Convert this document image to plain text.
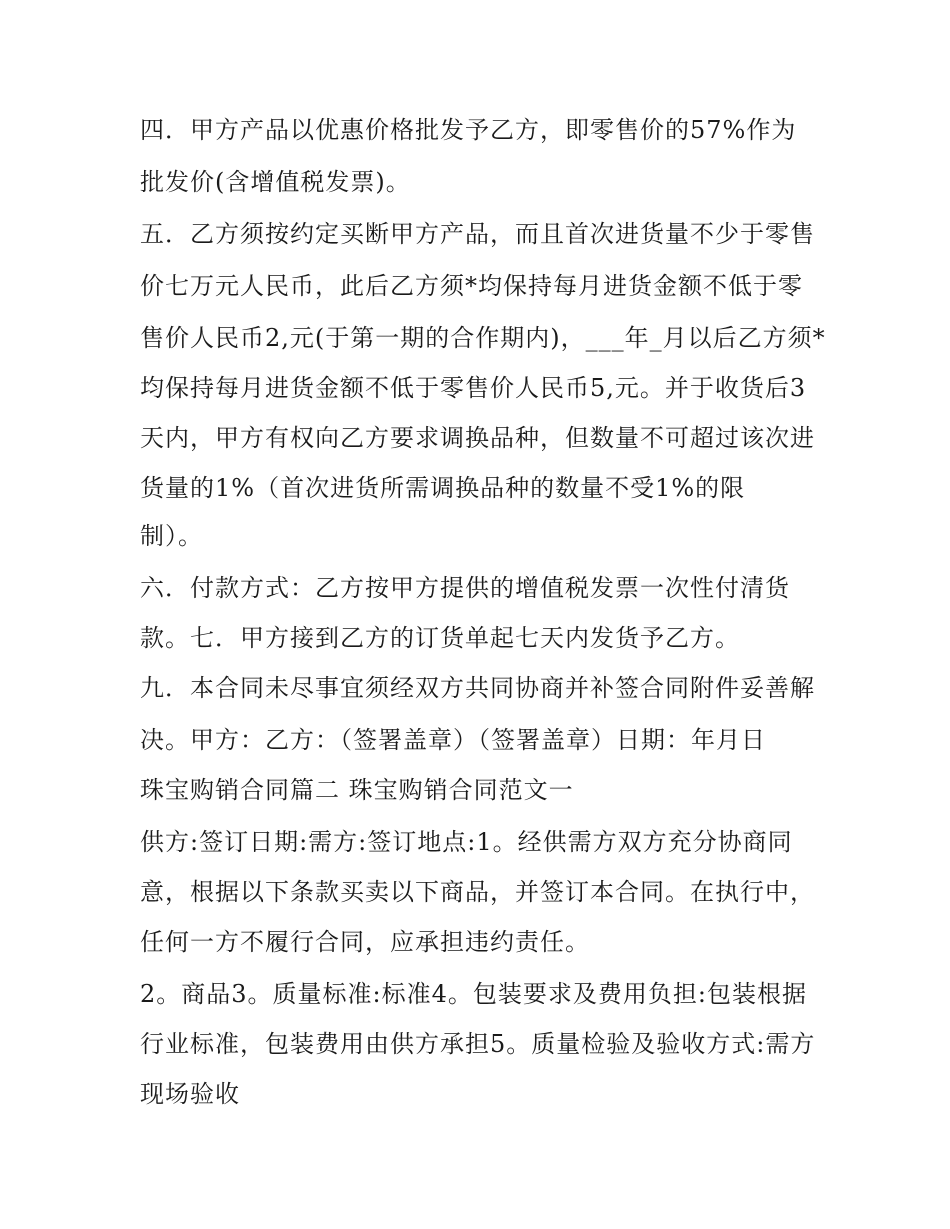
四．甲方产品以优惠价格批发予乙方，即零售价的57%作为
批发价(含增值税发票)。
五．乙方须按约定买断甲方产品，而且首次进货量不少于零售
价七万元人民币，此后乙方须*均保持每月进货金额不低于零
售价人民币2,元(于第一期的合作期内)，___年_月以后乙方须*
均保持每月进货金额不低于零售价人民币5,元。并于收货后3
天内，甲方有权向乙方要求调换品种，但数量不可超过该次进
货量的1%（首次进货所需调换品种的数量不受1%的限
制）。
六．付款方式：乙方按甲方提供的增值税发票一次性付清货
款。七．甲方接到乙方的订货单起七天内发货予乙方。
九．本合同未尽事宜须经双方共同协商并补签合同附件妥善解
决。甲方：乙方：（签署盖章）（签署盖章）日期：年月日
珠宝购销合同篇二 珠宝购销合同范文一
供方:签订日期:需方:签订地点:1。经供需方双方充分协商同
意，根据以下条款买卖以下商品，并签订本合同。在执行中，
任何一方不履行合同，应承担违约责任。
2。商品3。质量标准:标准4。包装要求及费用负担:包装根据
行业标准，包装费用由供方承担5。质量检验及验收方式:需方
现场验收
